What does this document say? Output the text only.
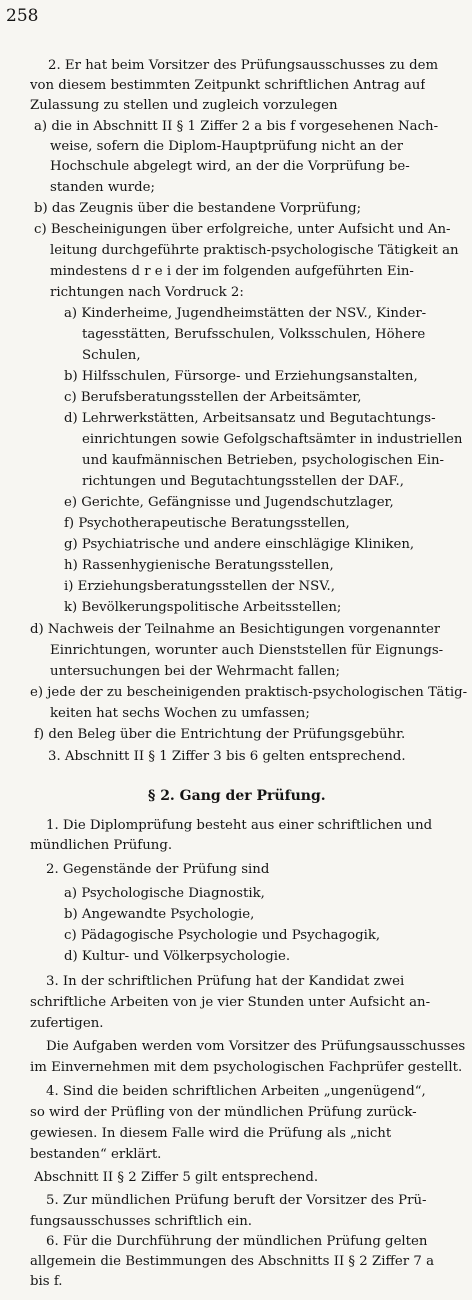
258
2. Er hat beim Vorsitzer des Prüfungsausschusses zu dem
von diesem bestimmten Zeitpunkt schriftlichen Antrag auf
Zulassung zu stellen und zugleich vorzulegen
a) die in Abschnitt II § 1 Ziffer 2 a bis f vorgesehenen Nach-
weise, sofern die Diplom-Hauptprüfung nicht an der
Hochschule abgelegt wird, an der die Vorprüfung be-
standen wurde;
b) das Zeugnis über die bestandene Vorprüfung;
c) Bescheinigungen über erfolgreiche, unter Aufsicht und An-
leitung durchgeführte praktisch-psychologische Tätigkeit an
mindestens d r e i der im folgenden aufgeführten Ein-
richtungen nach Vordruck 2:
a) Kinderheime, Jugendheimstätten der NSV., Kinder-
tagesstätten, Berufsschulen, Volksschulen, Höhere
Schulen,
b) Hilfsschulen, Fürsorge- und Erziehungsanstalten,
c) Berufsberatungsstellen der Arbeitsämter,
d) Lehrwerkstätten, Arbeitsansatz und Begutachtungs-
einrichtungen sowie Gefolgschaftsämter in industriellen
und kaufmännischen Betrieben, psychologischen Ein-
richtungen und Begutachtungsstellen der DAF.,
e) Gerichte, Gefängnisse und Jugendschutzlager,
f) Psychotherapeutische Beratungsstellen,
g) Psychiatrische und andere einschlägige Kliniken,
h) Rassenhygienische Beratungsstellen,
i) Erziehungsberatungsstellen der NSV.,
k) Bevölkerungspolitische Arbeitsstellen;
d) Nachweis der Teilnahme an Besichtigungen vorgenannter
Einrichtungen, worunter auch Dienststellen für Eignungs-
untersuchungen bei der Wehrmacht fallen;
e) jede der zu bescheinigenden praktisch-psychologischen Tätig-
keiten hat sechs Wochen zu umfassen;
f) den Beleg über die Entrichtung der Prüfungsgebühr.
3. Abschnitt II § 1 Ziffer 3 bis 6 gelten entsprechend.
§ 2. Gang der Prüfung.
1. Die Diplomprüfung besteht aus einer schriftlichen und
mündlichen Prüfung.
2. Gegenstände der Prüfung sind
a) Psychologische Diagnostik,
b) Angewandte Psychologie,
c) Pädagogische Psychologie und Psychagogik,
d) Kultur- und Völkerpsychologie.
3. In der schriftlichen Prüfung hat der Kandidat zwei
schriftliche Arbeiten von je vier Stunden unter Aufsicht an-
zufertigen.
Die Aufgaben werden vom Vorsitzer des Prüfungsausschusses
im Einvernehmen mit dem psychologischen Fachprüfer gestellt.
4. Sind die beiden schriftlichen Arbeiten „ungenügend“,
so wird der Prüfling von der mündlichen Prüfung zurück-
gewiesen. In diesem Falle wird die Prüfung als „nicht
bestanden“ erklärt.
Abschnitt II § 2 Ziffer 5 gilt entsprechend.
5. Zur mündlichen Prüfung beruft der Vorsitzer des Prü-
fungsausschusses schriftlich ein.
6. Für die Durchführung der mündlichen Prüfung gelten
allgemein die Bestimmungen des Abschnitts II § 2 Ziffer 7 a
bis f.
